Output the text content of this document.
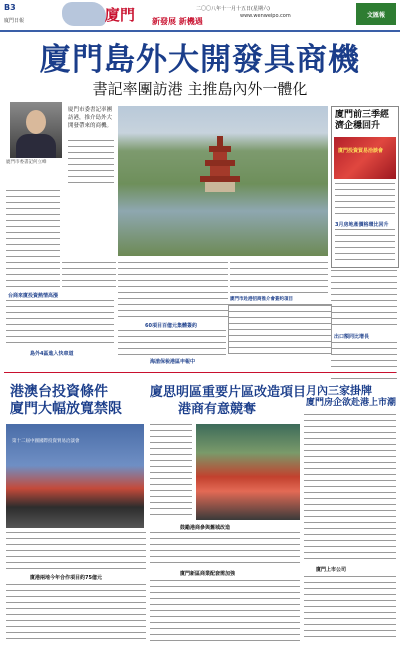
B3
廈門日報	廈門 新發展 新機遇
二〇〇八年十一月十五日(星期六)
www.wenweipo.com	文匯報
廈門島外大開發具商機
書記率團訪港 主推島內外一體化
廈門市委書記何立峰
廈門市委書記率團訪港，推介島外大開發帶來的商機。
廈門前三季經濟企穩回升
廈門投資貿易洽談會
3月房地產價格環比回升
出口額同比增長
台商來廈投資熱情高漲
島外4區進入快車道
60項目百億元集體簽約
海滄保稅港區申報中
廈門市赴港招商推介會簽約項目
港澳台投資條件
廈門大幅放寬禁限
第十二屆中國國際投資貿易洽談會
廈港兩地今年合作項目約75億元
廈思明區重要片區改造項目
港商有意競奪
鼓勵港商參與舊城改造
廈門新區商業配套需加強
月內三家掛牌
廈門房企欲赴港上市潮
廈門上市公司
